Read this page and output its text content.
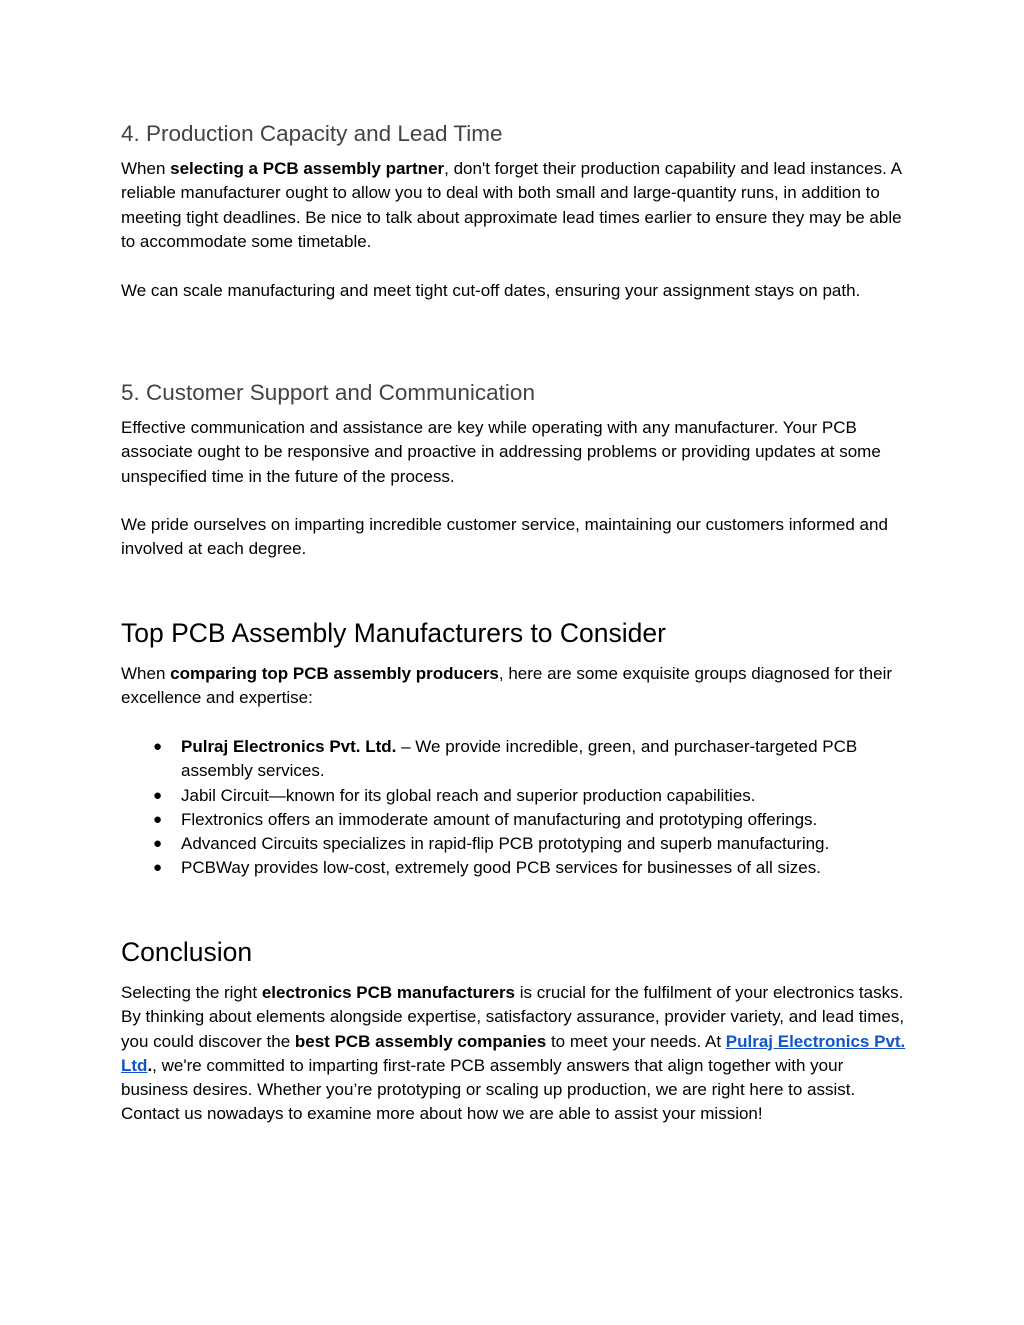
4. Production Capacity and Lead Time

When selecting a PCB assembly partner, don't forget their production capability and lead instances. A reliable manufacturer ought to allow you to deal with both small and large-quantity runs, in addition to meeting tight deadlines. Be nice to talk about approximate lead times earlier to ensure they may be able to accommodate some timetable.

We can scale manufacturing and meet tight cut-off dates, ensuring your assignment stays on path.

5. Customer Support and Communication

Effective communication and assistance are key while operating with any manufacturer. Your PCB associate ought to be responsive and proactive in addressing problems or providing updates at some unspecified time in the future of the process.

We pride ourselves on imparting incredible customer service, maintaining our customers informed and involved at each degree.

Top PCB Assembly Manufacturers to Consider

When comparing top PCB assembly producers, here are some exquisite groups diagnosed for their excellence and expertise:

● Pulraj Electronics Pvt. Ltd. – We provide incredible, green, and purchaser-targeted PCB assembly services.
● Jabil Circuit—known for its global reach and superior production capabilities.
● Flextronics offers an immoderate amount of manufacturing and prototyping offerings.
● Advanced Circuits specializes in rapid-flip PCB prototyping and superb manufacturing.
● PCBWay provides low-cost, extremely good PCB services for businesses of all sizes.
Conclusion

Selecting the right electronics PCB manufacturers is crucial for the fulfilment of your electronics tasks. By thinking about elements alongside expertise, satisfactory assurance, provider variety, and lead times, you could discover the best PCB assembly companies to meet your needs. At Pulraj Electronics Pvt. Ltd., we're committed to imparting first-rate PCB assembly answers that align together with your business desires. Whether you’re prototyping or scaling up production, we are right here to assist. Contact us nowadays to examine more about how we are able to assist your mission!
